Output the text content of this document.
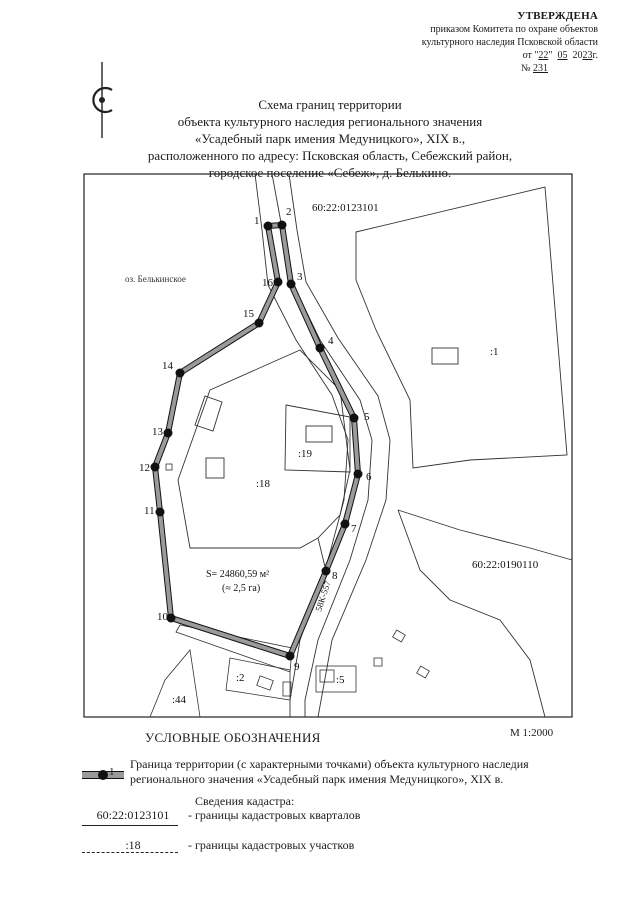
УТВЕРЖДЕНА
приказом Комитета по охране объектов
культурного наследия Псковской области
от "22"  05 2023г.
№ 231
Схема границ территории
объекта культурного наследия регионального значения
«Усадебный парк имения Медуницкого», XIX в.,
расположенного по адресу: Псковская область, Себежский район,
городское поселение «Себеж», д. Белькино.
1
2
3
4
5
6
7
8
9
10
11
12
13
14
15
16
60:22:0123101
60:22:0190110
оз. Белькинское
:1
:18
:19
:2	:5
:44
58К-557
S= 24860,59 м²
(≈ 2,5 га)
М 1:2000
УСЛОВНЫЕ ОБОЗНАЧЕНИЯ
1
Граница территории (с характерными точками) объекта культурного наследия регионального значения «Усадебный парк имения Медуницкого», XIX в.
Сведения кадастра:
60:22:0123101	- границы кадастровых кварталов
:18	- границы кадастровых участков
